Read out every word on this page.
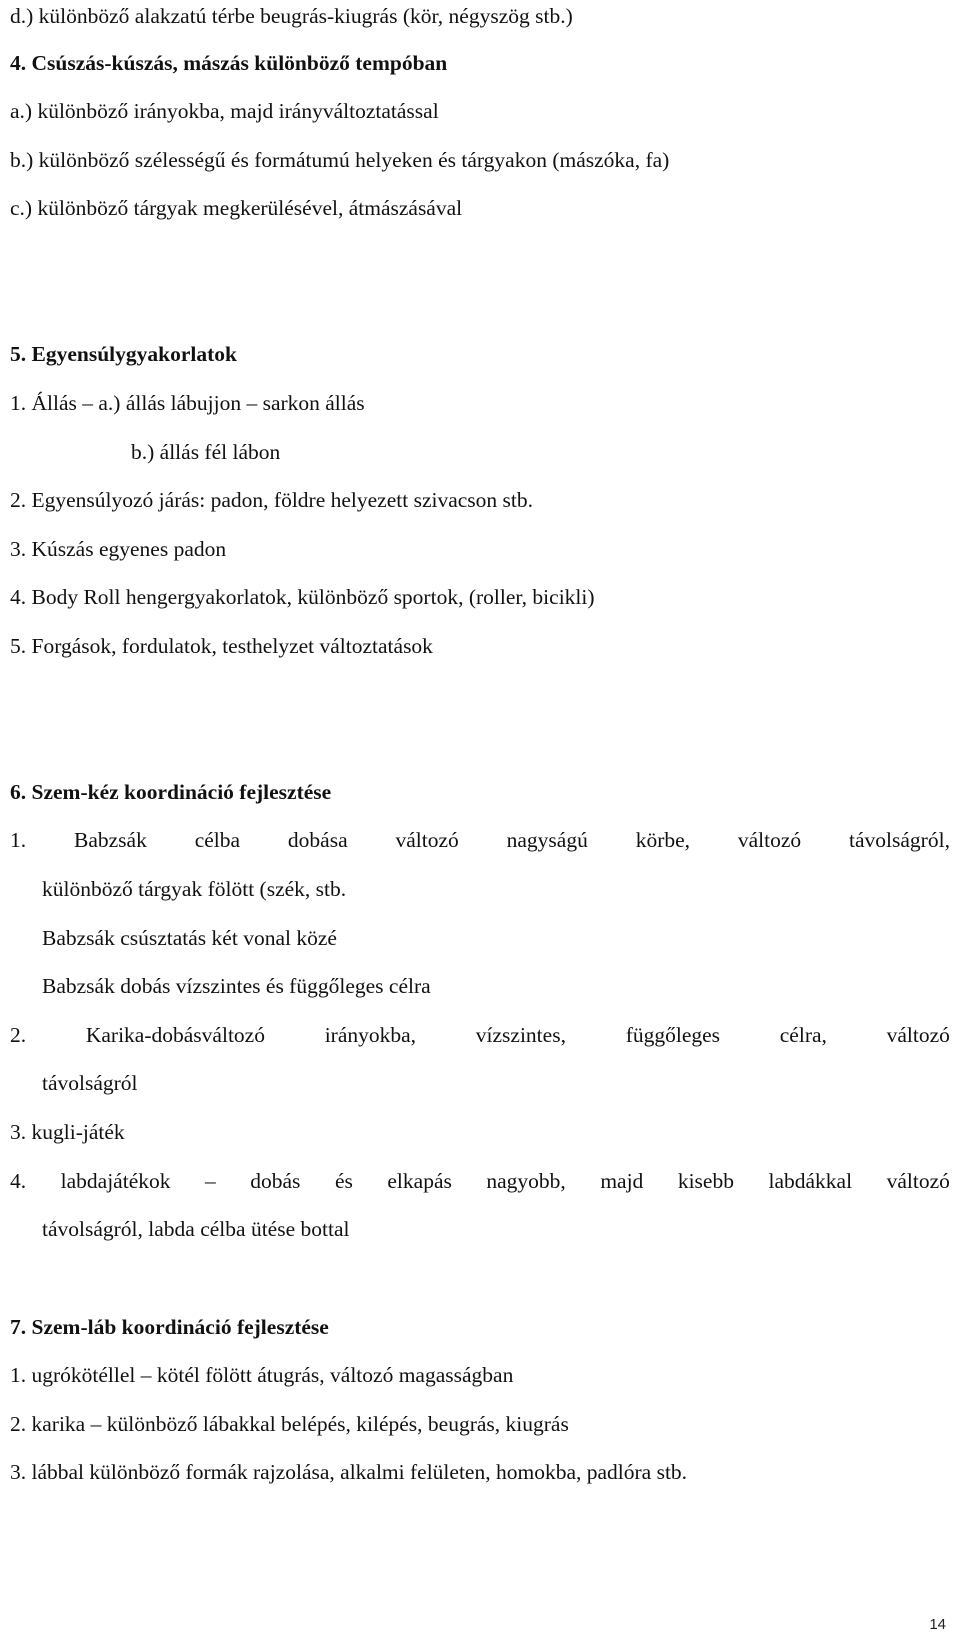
d.) különböző alakzatú térbe beugrás-kiugrás (kör, négyszög stb.)
4. Csúszás-kúszás, mászás különböző tempóban
a.) különböző irányokba, majd irányváltoztatással
b.) különböző szélességű és formátumú helyeken és tárgyakon (mászóka, fa)
c.) különböző tárgyak megkerülésével, átmászásával
5. Egyensúlygyakorlatok
1. Állás – a.) állás lábujjon – sarkon állás
b.) állás fél lábon
2. Egyensúlyozó járás: padon, földre helyezett szivacson stb.
3. Kúszás egyenes padon
4. Body Roll hengergyakorlatok, különböző sportok, (roller, bicikli)
5. Forgások, fordulatok, testhelyzet változtatások
6. Szem-kéz koordináció fejlesztése
1. Babzsák célba dobása változó nagyságú körbe, változó távolságról,
különböző tárgyak fölött (szék, stb.
Babzsák csúsztatás két vonal közé
Babzsák dobás vízszintes és függőleges célra
2.	Karika-dobásváltozó	irányokba,	vízszintes,	függőleges	célra,	változó
távolságról
3. kugli-játék
4. labdajátékok – dobás és elkapás nagyobb, majd kisebb labdákkal változó
távolságról, labda célba ütése bottal
7. Szem-láb koordináció fejlesztése
1. ugrókötéllel – kötél fölött átugrás, változó magasságban
2. karika – különböző lábakkal belépés, kilépés, beugrás, kiugrás
3. lábbal különböző formák rajzolása, alkalmi felületen, homokba, padlóra stb.
14
